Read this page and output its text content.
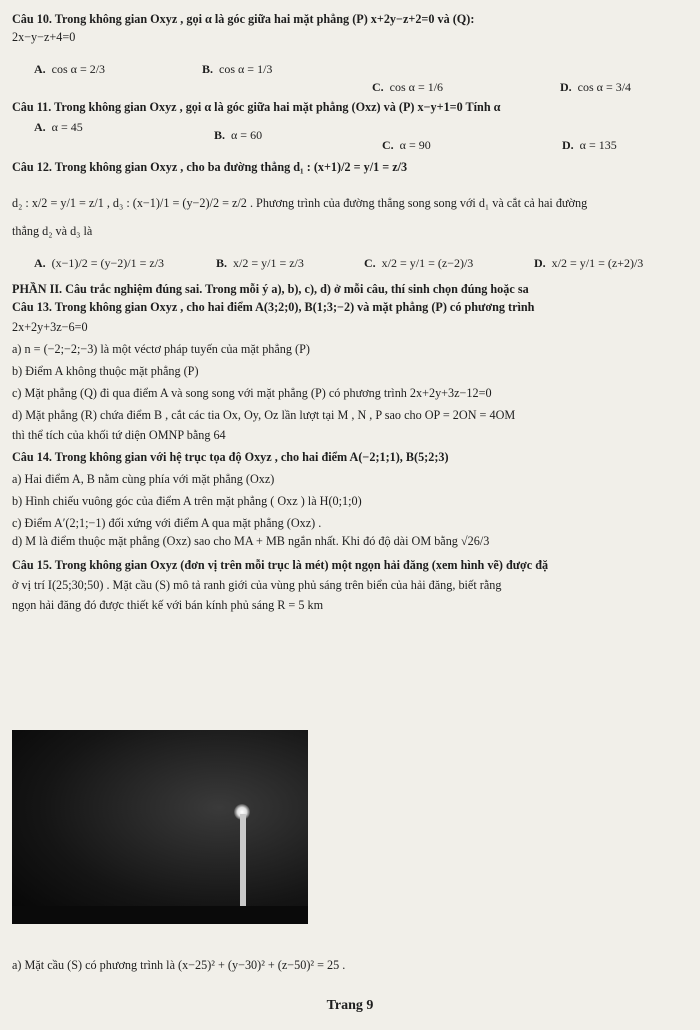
Câu 10. Trong không gian Oxyz , gọi α là góc giữa hai mặt phẳng (P) x+2y−z+2=0 và (Q):
2x−y−z+4=0
A. cos α = 2/3	B. cos α = 1/3
C. cos α = 1/6	D. cos α = 3/4
Câu 11. Trong không gian Oxyz , gọi α là góc giữa hai mặt phẳng (Oxz) và (P) x−y+1=0 Tính α
A. α = 45
B. α = 60
C. α = 90	D. α = 135
Câu 12. Trong không gian Oxyz , cho ba đường thẳng d₁ : (x+1)/2 = y/1 = z/3
d₂ : x/2 = y/1 = z/1 , d₃ : (x−1)/1 = (y−2)/2 = z/2 . Phương trình của đường thẳng song song với d₁ và cắt cả hai đường
thẳng d₂ và d₃ là
A. (x−1)/2 = (y−2)/1 = z/3	B. x/2 = y/1 = z/3	C. x/2 = y/1 = (z−2)/3	D. x/2 = y/1 = (z+2)/3
PHẦN II. Câu trắc nghiệm đúng sai. Trong mỗi ý a), b), c), d) ở mỗi câu, thí sinh chọn đúng hoặc sa
Câu 13. Trong không gian Oxyz , cho hai điểm A(3;2;0), B(1;3;−2) và mặt phẳng (P) có phương trình
2x+2y+3z−6=0
a) n = (−2;−2;−3) là một véctơ pháp tuyến của mặt phẳng (P)
b) Điểm A không thuộc mặt phẳng (P)
c) Mặt phẳng (Q) đi qua điểm A và song song với mặt phẳng (P) có phương trình 2x+2y+3z−12=0
d) Mặt phẳng (R) chứa điểm B , cắt các tia Ox, Oy, Oz lần lượt tại M , N , P sao cho OP = 2ON = 4OM
thì thể tích của khối tứ diện OMNP bằng 64
Câu 14. Trong không gian với hệ trục tọa độ Oxyz , cho hai điểm A(−2;1;1), B(5;2;3)
a) Hai điểm A, B nằm cùng phía với mặt phẳng (Oxz)
b) Hình chiếu vuông góc của điểm A trên mặt phẳng ( Oxz ) là H(0;1;0)
c) Điểm A′(2;1;−1) đối xứng với điểm A qua mặt phẳng (Oxz) .
d) M là điểm thuộc mặt phẳng (Oxz) sao cho MA + MB ngắn nhất. Khi đó độ dài OM bằng √26/3
Câu 15. Trong không gian Oxyz (đơn vị trên mỗi trục là mét) một ngọn hải đăng (xem hình vẽ) được đặ
ở vị trí I(25;30;50) . Mặt cầu (S) mô tả ranh giới của vùng phủ sáng trên biển của hải đăng, biết rằng
ngọn hải đăng đó được thiết kế với bán kính phủ sáng R = 5 km
a) Mặt cầu (S) có phương trình là (x−25)² + (y−30)² + (z−50)² = 25 .
Trang 9
